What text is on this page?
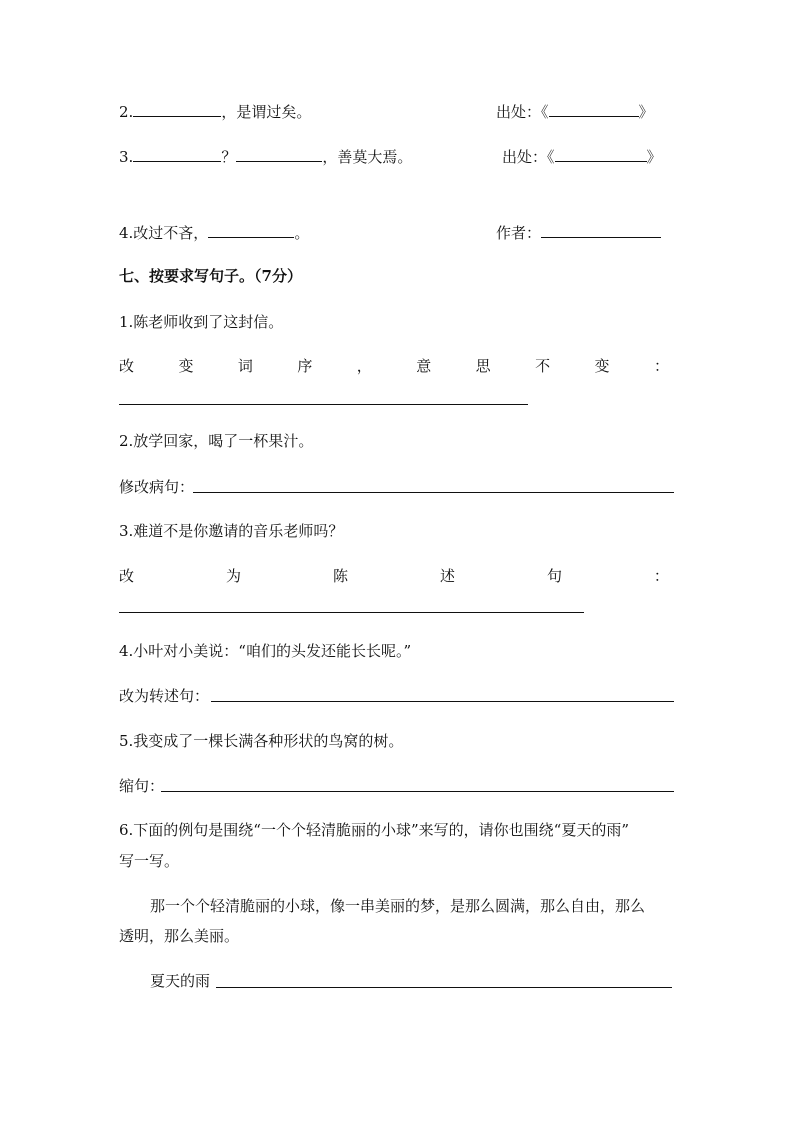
2.	，是谓过矣。	出处：《	》
3.	？	，善莫大焉。	出处：《	》
4.改过不吝，	。	作者：
七、按要求写句子。（7分）
1.陈老师收到了这封信。
改	变	词	序	，	意	思	不	变	：
2.放学回家，喝了一杯果汁。
修改病句：
3.难道不是你邀请的音乐老师吗？
改	为	陈	述	句	：
4.小叶对小美说：“咱们的头发还能长长呢。”
改为转述句：
5.我变成了一棵长满各种形状的鸟窝的树。
缩句：
6.下面的例句是围绕“一个个轻清脆丽的小球”来写的，请你也围绕“夏天的雨”
写一写。
那一个个轻清脆丽的小球，像一串美丽的梦，是那么圆满，那么自由，那么
透明，那么美丽。
夏天的雨
